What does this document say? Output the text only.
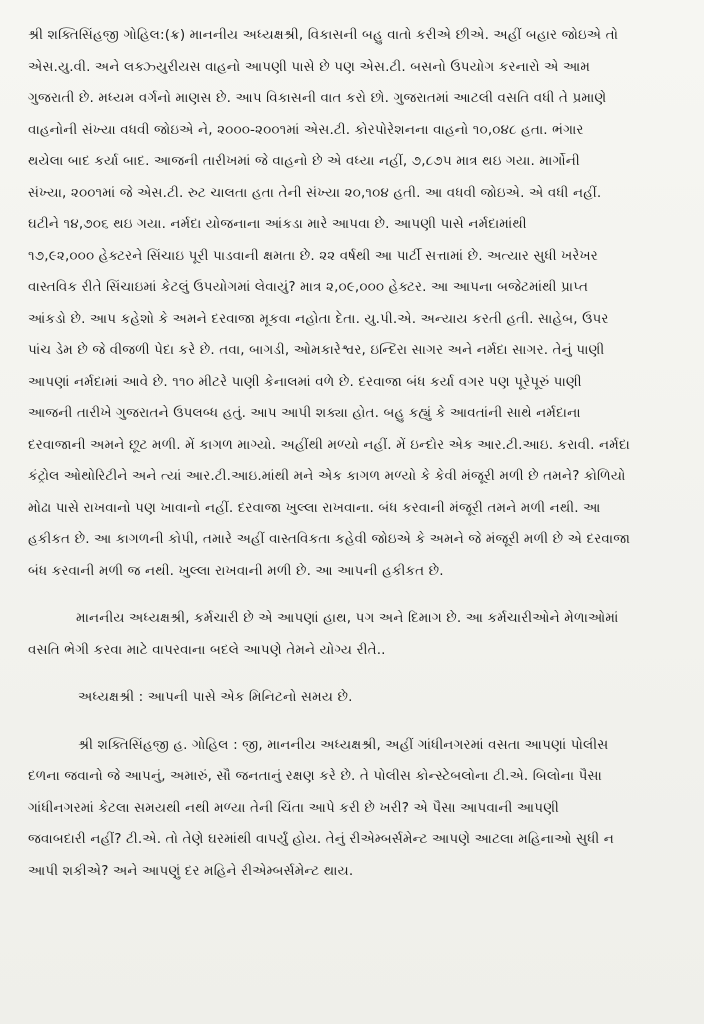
શ્રી શક્તિસિંહજી ગોહિલ:(ક્ર) માનનીય અધ્યક્ષશ્રી, વિકાસની બહુ વાતો કરીએ છીએ. અહીં બહાર જોઇએ તો
એસ.યુ.વી. અને લક્ઝ્યુરીયસ વાહનો આપણી પાસે છે પણ એસ.ટી. બસનો ઉપયોગ કરનારો એ આમ
ગુજરાતી છે. મધ્યમ વર્ગનો માણસ છે. આપ વિકાસની વાત કરો છો. ગુજરાતમાં આટલી વસતિ વધી તે પ્રમાણે
વાહનોની સંખ્યા વધવી જોઇએ ને, ૨૦૦૦-૨૦૦૧માં એસ.ટી. કોરપોરેશનના વાહનો ૧૦,૦૪૮ હતા. ભંગાર
થયેલા બાદ કર્યા બાદ. આજની તારીખમાં જે વાહનો છે એ વધ્યા નહીં, ૭,૮૭૫ માત્ર થઇ ગયા. માર્ગોની
સંખ્યા, ૨૦૦૧માં જે એસ.ટી. રુટ ચાલતા હતા તેની સંખ્યા ૨૦,૧૦૪ હતી. આ વધવી જોઇએ. એ વધી નહીં.
ઘટીને ૧૪,૭૦૬ થઇ ગયા. નર્મદા યોજનાના આંકડા મારે આપવા છે. આપણી પાસે નર્મદામાંથી
૧૭,૯૨,૦૦૦ હેક્ટરને સિંચાઇ પૂરી પાડવાની ક્ષમતા છે. ૨૨ વર્ષથી આ પાર્ટી સત્તામાં છે. અત્યાર સુધી ખરેખર
વાસ્તવિક રીતે સિંચાઇમાં કેટલું ઉપયોગમાં લેવાયું? માત્ર ૨,૦૯,૦૦૦ હેક્ટર. આ આપના બજેટમાંથી પ્રાપ્ત
આંકડો છે. આપ કહેશો કે અમને દરવાજા મૂકવા નહોતા દેતા. યુ.પી.એ. અન્યાય કરતી હતી. સાહેબ, ઉપર
પાંચ ડેમ છે જે વીજળી પેદા કરે છે. તવા, બાગડી, ઓમકારેશ્વર, ઇન્દિરા સાગર અને નર્મદા સાગર. તેનું પાણી
આપણાં નર્મદામાં આવે છે. ૧૧૦ મીટરે પાણી કેનાલમાં વળે છે. દરવાજા બંધ કર્યા વગર પણ પૂરેપૂરું પાણી
આજની તારીખે ગુજરાતને ઉપલબ્ધ હતું. આપ આપી શક્યા હોત. બહુ કહ્યું કે આવતાંની સાથે નર્મદાના
દરવાજાની અમને છૂટ મળી. મેં કાગળ માગ્યો. અહીંથી મળ્યો નહીં. મેં ઇન્દોર એક આર.ટી.આઇ. કરાવી. નર્મદા
કંટ્રોલ ઓથોરિટીને અને ત્યાં આર.ટી.આઇ.માંથી મને એક કાગળ મળ્યો કે કેવી મંજૂરી મળી છે તમને? કોળિયો
મોઢા પાસે રાખવાનો પણ ખાવાનો નહીં. દરવાજા ખુલ્લા રાખવાના. બંધ કરવાની મંજૂરી તમને મળી નથી. આ
હકીકત છે. આ કાગળની કોપી, તમારે અહીં વાસ્તવિકતા કહેવી જોઇએ કે અમને જે મંજૂરી મળી છે એ દરવાજા
બંધ કરવાની મળી જ નથી. ખુલ્લા રાખવાની મળી છે. આ આપની હકીકત છે.
માનનીય અધ્યક્ષશ્રી, કર્મચારી છે એ આપણાં હાથ, પગ અને દિમાગ છે. આ કર્મચારીઓને મેળાઓમાં
વસતિ ભેગી કરવા માટે વાપરવાના બદલે આપણે તેમને યોગ્ય રીતે..
અધ્યક્ષશ્રી : આપની પાસે એક મિનિટનો સમય છે.
શ્રી શક્તિસિંહજી હ. ગોહિલ : જી, માનનીય અધ્યક્ષશ્રી, અહીં ગાંધીનગરમાં વસતા આપણાં પોલીસ
દળના જવાનો જે આપનું, અમારું, સૌ જનતાનું રક્ષણ કરે છે. તે પોલીસ કોન્સ્ટેબલોના ટી.એ. બિલોના પૈસા
ગાંધીનગરમાં કેટલા સમયથી નથી મળ્યા તેની ચિંતા આપે કરી છે ખરી? એ પૈસા આપવાની આપણી
જવાબદારી નહીં? ટી.એ. તો તેણે ઘરમાંથી વાપર્યું હોય. તેનું રીએમ્બર્સમેન્ટ આપણે આટલા મહિનાઓ સુધી ન
આપી શકીએ? અને આપણું દર મહિને રીએમ્બર્સમેન્ટ થાય.
